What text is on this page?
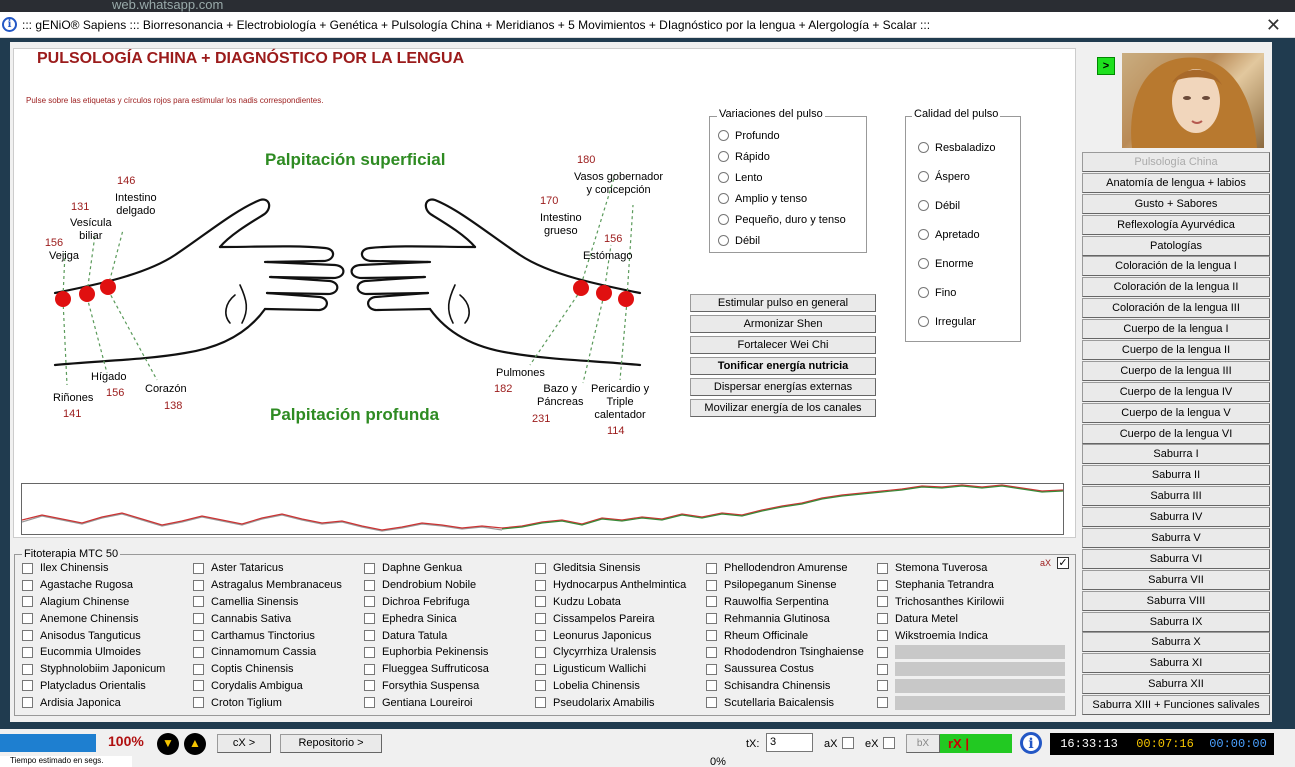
web.whatsapp.com
i ::: gENiO® Sapiens ::: Biorresonancia + Electrobiología + Genética + Pulsología China + Meridianos + 5 Movimientos + DIagnóstico por la lengua + Alergología + Scalar :::	✕
PULSOLOGÍA CHINA + DIAGNÓSTICO POR LA LENGUA
Pulse sobre las etiquetas y círculos rojos para estimular los nadis correspondientes.
Palpitación superficial
Palpitación profunda
156
Vejiga
131
Vesícula
biliar
146
Intestino
delgado
180
Vasos gobernador
y concepción
170
Intestino
grueso
156
Estómago
Riñones
141
Hígado
156 Corazón
138
Pulmones
182	Bazo y
Páncreas
231
Pericardio y
Triple
calentador
114
Variaciones del pulso
Profundo
Rápido
Lento
Amplio y tenso
Pequeño, duro y tenso
Débil
Calidad del pulso
Resbaladizo
Áspero
Débil
Apretado
Enorme
Fino
Irregular
Estimular pulso en general
Armonizar Shen
Fortalecer Wei Chi
Tonificar energía nutricia
Dispersar energías externas
Movilizar energía de los canales
>
Pulsología China
Anatomía de lengua + labios
Gusto + Sabores
Reflexología Ayurvédica
Patologías
Coloración de la lengua I
Coloración de la lengua II
Coloración de la lengua III
Cuerpo de la lengua I
Cuerpo de la lengua II
Cuerpo de la lengua III
Cuerpo de la lengua IV
Cuerpo de la lengua V
Cuerpo de la lengua VI
Saburra I
Saburra II
Saburra III
Saburra IV
Saburra V
Saburra VI
Saburra VII
Saburra VIII
Saburra IX
Saburra X
Saburra XI
Saburra XII
Saburra XIII + Funciones salivales
Fitoterapia MTC 50
aX ✓
Ilex Chinensis
Agastache Rugosa
Alagium Chinense
Anemone Chinensis
Anisodus Tanguticus
Eucommia Ulmoides
Styphnolobiim Japonicum
Platycladus Orientalis
Ardisia Japonica
Aster Tataricus
Astragalus Membranaceus
Camellia Sinensis
Cannabis Sativa
Carthamus Tinctorius
Cinnamomum Cassia
Coptis Chinensis
Corydalis Ambigua
Croton Tiglium
Daphne Genkua
Dendrobium Nobile
Dichroa Febrifuga
Ephedra Sinica
Datura Tatula
Euphorbia Pekinensis
Flueggea Suffruticosa
Forsythia Suspensa
Gentiana Loureiroi
Gleditsia Sinensis
Hydnocarpus Anthelmintica
Kudzu Lobata
Cissampelos Pareira
Leonurus Japonicus
Clycyrrhiza Uralensis
Ligusticum Wallichi
Lobelia Chinensis
Pseudolarix Amabilis
Phellodendron Amurense
Psilopeganum Sinense
Rauwolfia Serpentina
Rehmannia Glutinosa
Rheum Officinale
Rhododendron Tsinghaiense
Saussurea Costus
Schisandra Chinensis
Scutellaria Baicalensis
Stemona Tuverosa
Stephania Tetrandra
Trichosanthes Kirilowii
Datura Metel
Wikstroemia Indica
100%	▼	▲	cX >	Repositorio >	tX: 3	aX	eX	bX	rX |	i	16:33:13	00:07:16	00:00:00
Tiempo estimado en segs.	0%
